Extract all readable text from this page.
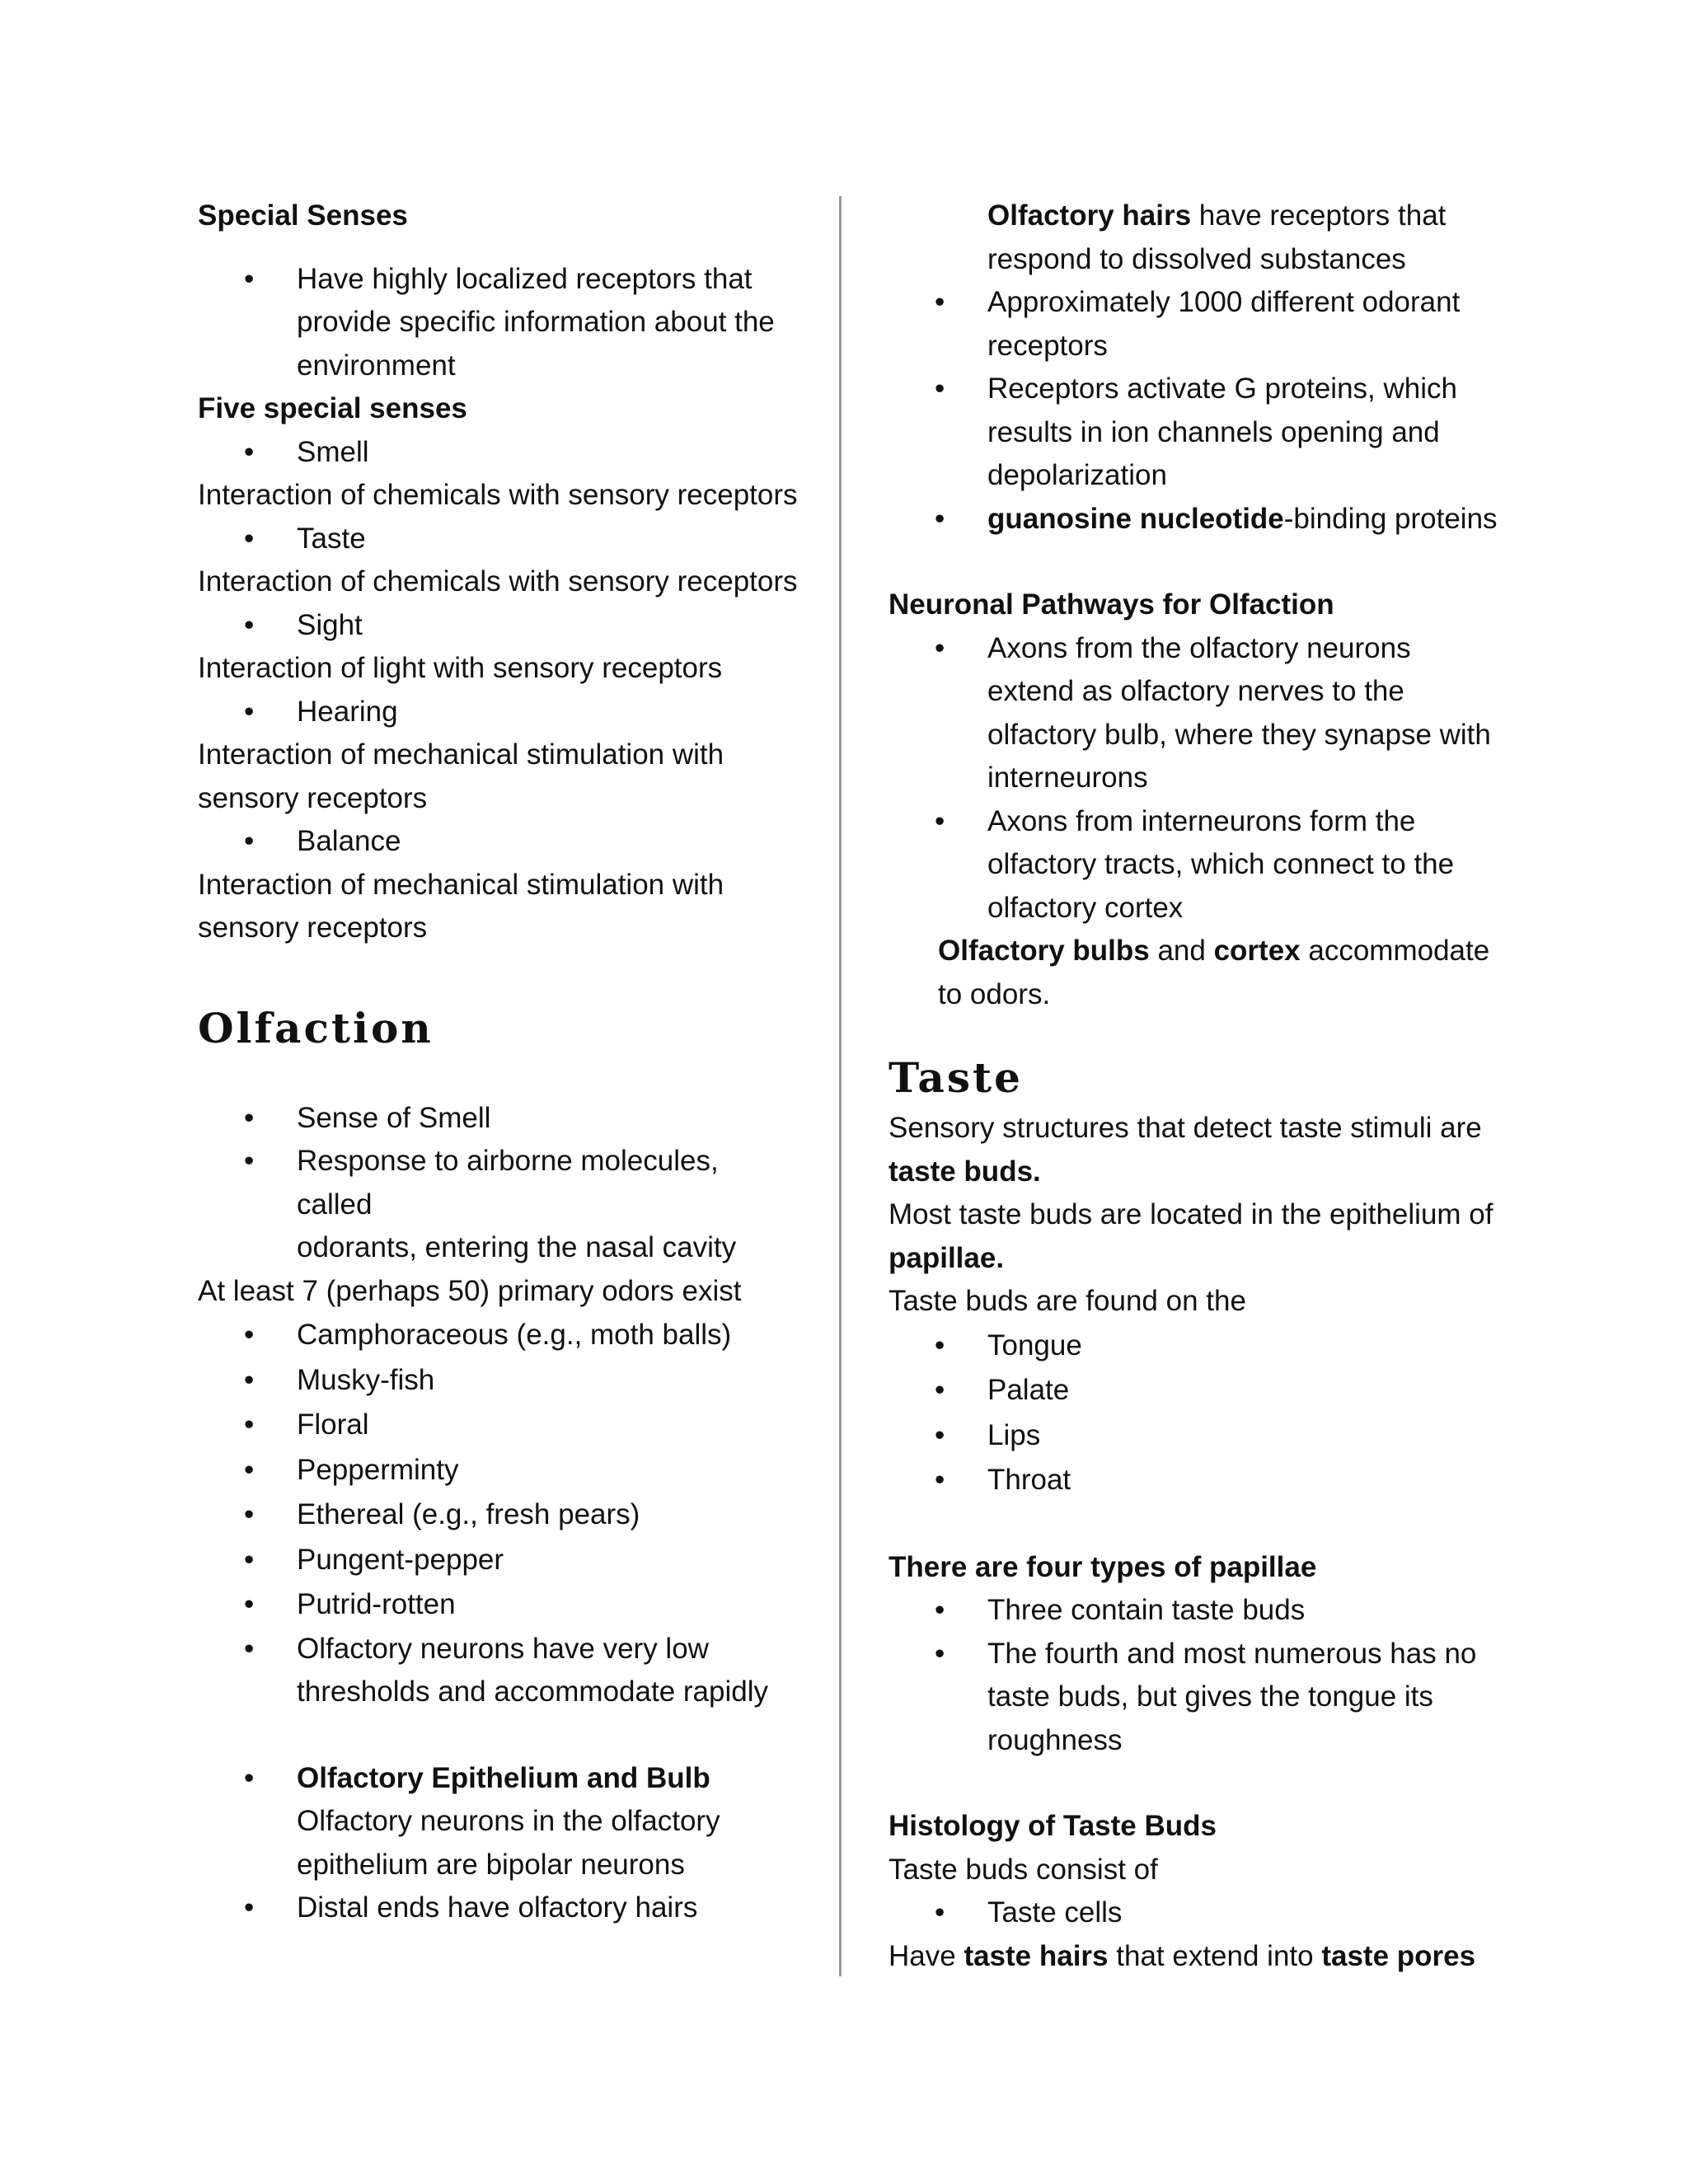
Special Senses
• Have highly localized receptors that
provide specific information about the
environment
Five special senses
• Smell
Interaction of chemicals with sensory receptors
• Taste
Interaction of chemicals with sensory receptors
• Sight
Interaction of light with sensory receptors
• Hearing
Interaction of mechanical stimulation with
sensory receptors
• Balance
Interaction of mechanical stimulation with
sensory receptors
Olfaction
• Sense of Smell
• Response to airborne molecules, called
odorants, entering the nasal cavity
At least 7 (perhaps 50) primary odors exist
• Camphoraceous (e.g., moth balls)
• Musky-fish
• Floral
• Pepperminty
• Ethereal (e.g., fresh pears)
• Pungent-pepper
• Putrid-rotten
• Olfactory neurons have very low
thresholds and accommodate rapidly
• Olfactory Epithelium and Bulb
Olfactory neurons in the olfactory
epithelium are bipolar neurons
• Distal ends have olfactory hairs
Olfactory hairs have receptors that
respond to dissolved substances
• Approximately 1000 different odorant
receptors
• Receptors activate G proteins, which
results in ion channels opening and
depolarization
• guanosine nucleotide-binding proteins
Neuronal Pathways for Olfaction
• Axons from the olfactory neurons
extend as olfactory nerves to the
olfactory bulb, where they synapse with
interneurons
• Axons from interneurons form the
olfactory tracts, which connect to the
olfactory cortex
Olfactory bulbs and cortex accommodate
to odors.
Taste
Sensory structures that detect taste stimuli are
taste buds.
Most taste buds are located in the epithelium of
papillae.
Taste buds are found on the
• Tongue
• Palate
• Lips
• Throat
There are four types of papillae
• Three contain taste buds
• The fourth and most numerous has no
taste buds, but gives the tongue its
roughness
Histology of Taste Buds
Taste buds consist of
• Taste cells
Have taste hairs that extend into taste pores
